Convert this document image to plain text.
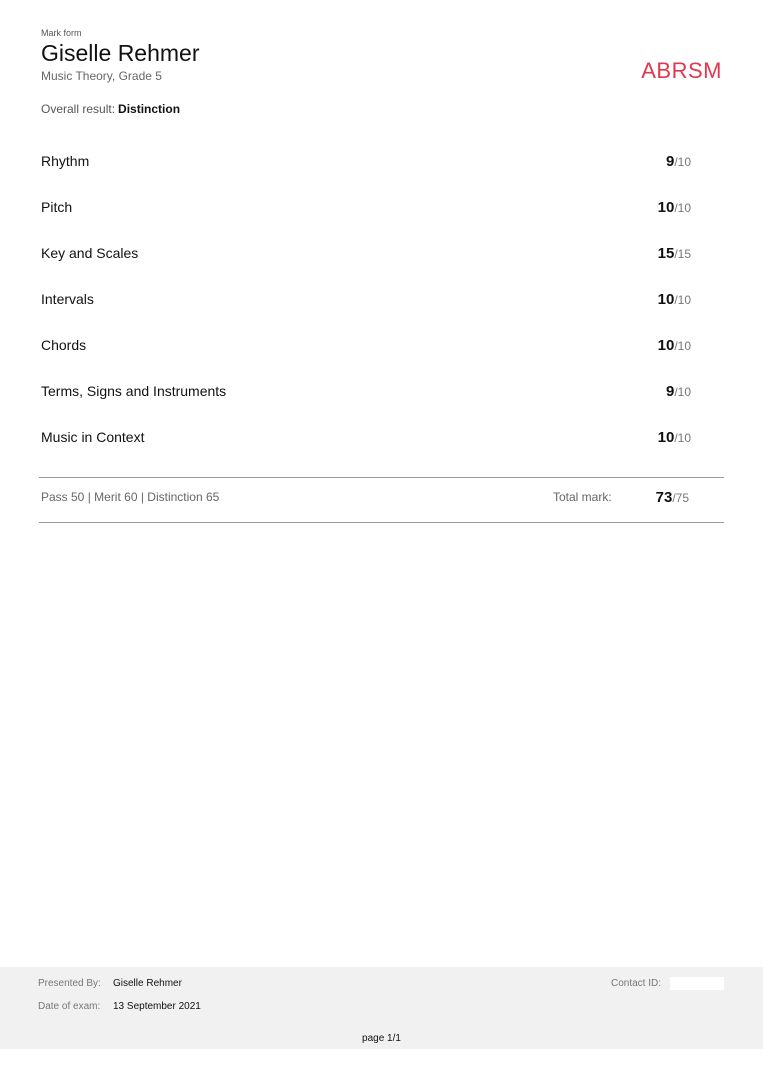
Mark form
Giselle Rehmer
Music Theory, Grade 5	ABRSM
Overall result: Distinction
Rhythm	9/10
Pitch	10/10
Key and Scales	15/15
Intervals	10/10
Chords	10/10
Terms, Signs and Instruments	9/10
Music in Context	10/10
Pass 50 | Merit 60 | Distinction 65	Total mark:	73/75
Presented By: Giselle Rehmer
Date of exam: 13 September 2021
Contact ID:
page 1/1
